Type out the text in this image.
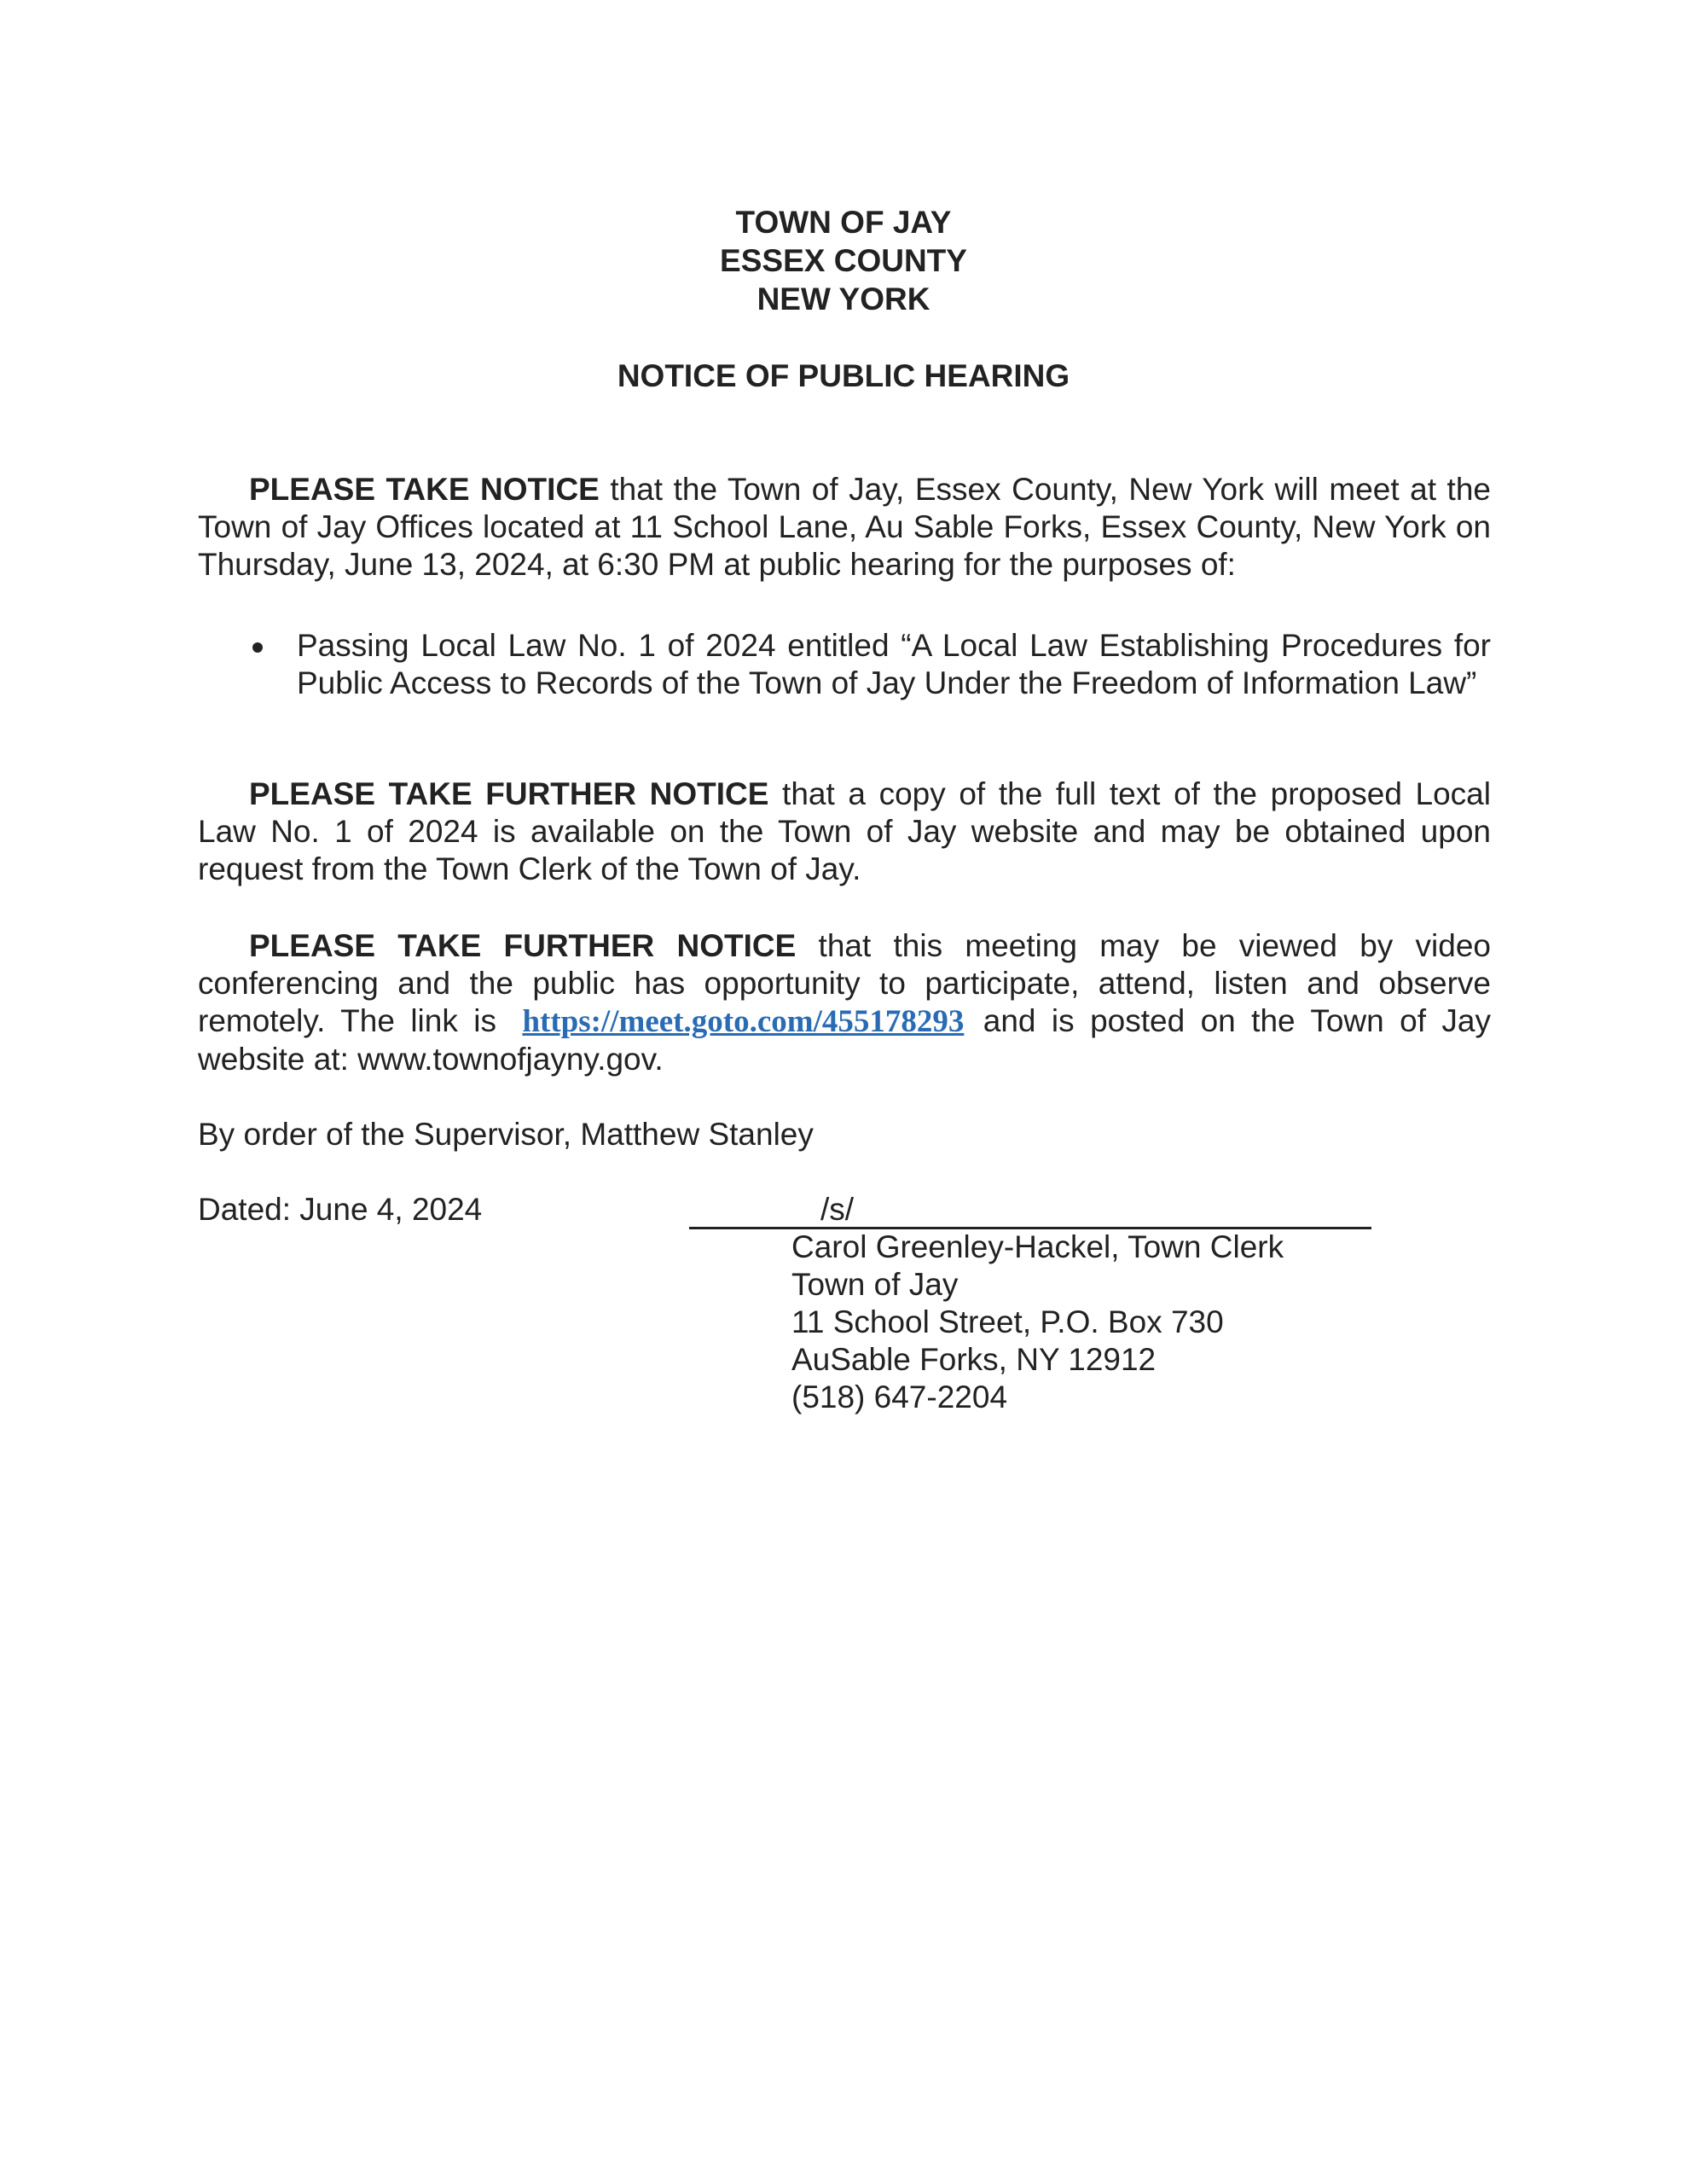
TOWN OF JAY
ESSEX COUNTY
NEW YORK
NOTICE OF PUBLIC HEARING
PLEASE TAKE NOTICE that the Town of Jay, Essex County, New York will meet at the Town of Jay Offices located at 11 School Lane, Au Sable Forks, Essex County, New York on Thursday, June 13, 2024, at 6:30 PM at public hearing for the purposes of:
Passing Local Law No. 1 of 2024 entitled “A Local Law Establishing Procedures for Public Access to Records of the Town of Jay Under the Freedom of Information Law”
PLEASE TAKE FURTHER NOTICE that a copy of the full text of the proposed Local Law No. 1 of 2024 is available on the Town of Jay website and may be obtained upon request from the Town Clerk of the Town of Jay.
PLEASE TAKE FURTHER NOTICE that this meeting may be viewed by video conferencing and the public has opportunity to participate, attend, listen and observe remotely. The link is https://meet.goto.com/455178293 and is posted on the Town of Jay website at: www.townofjayny.gov.
By order of the Supervisor, Matthew Stanley
Dated: June 4, 2024	/s/
Carol Greenley-Hackel, Town Clerk
Town of Jay
11 School Street, P.O. Box 730
AuSable Forks, NY 12912
(518) 647-2204
